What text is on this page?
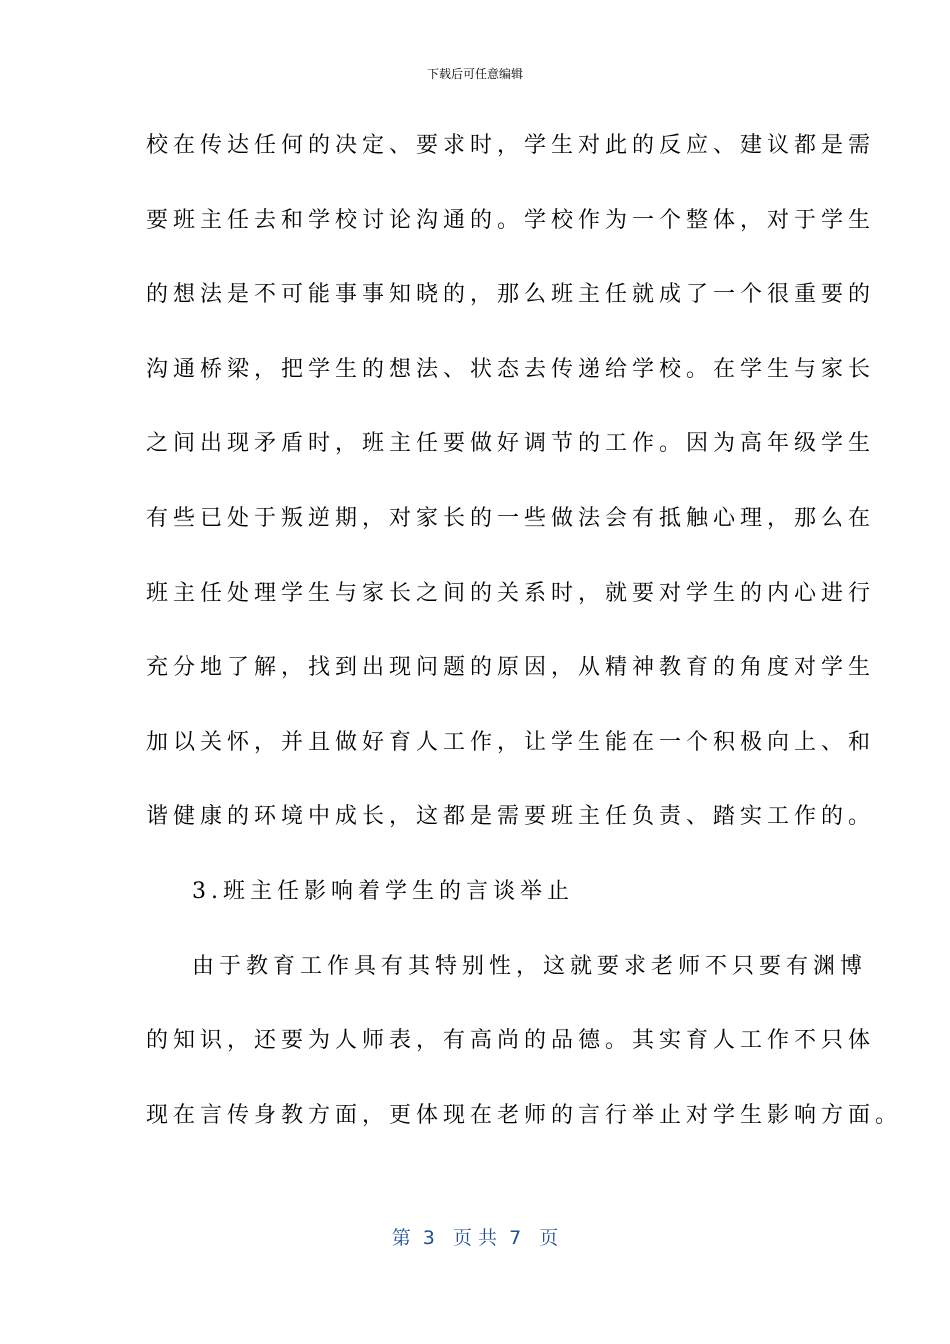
下载后可任意编辑
校在传达任何的决定、要求时，学生对此的反应、建议都是需
要班主任去和学校讨论沟通的。学校作为一个整体，对于学生
的想法是不可能事事知晓的，那么班主任就成了一个很重要的
沟通桥梁，把学生的想法、状态去传递给学校。在学生与家长
之间出现矛盾时，班主任要做好调节的工作。因为高年级学生
有些已处于叛逆期，对家长的一些做法会有抵触心理，那么在
班主任处理学生与家长之间的关系时，就要对学生的内心进行
充分地了解，找到出现问题的原因，从精神教育的角度对学生
加以关怀，并且做好育人工作，让学生能在一个积极向上、和
谐健康的环境中成长，这都是需要班主任负责、踏实工作的。
3.班主任影响着学生的言谈举止
由于教育工作具有其特别性，这就要求老师不只要有渊博
的知识，还要为人师表，有高尚的品德。其实育人工作不只体
现在言传身教方面，更体现在老师的言行举止对学生影响方面。
第  3   页 共  7   页
